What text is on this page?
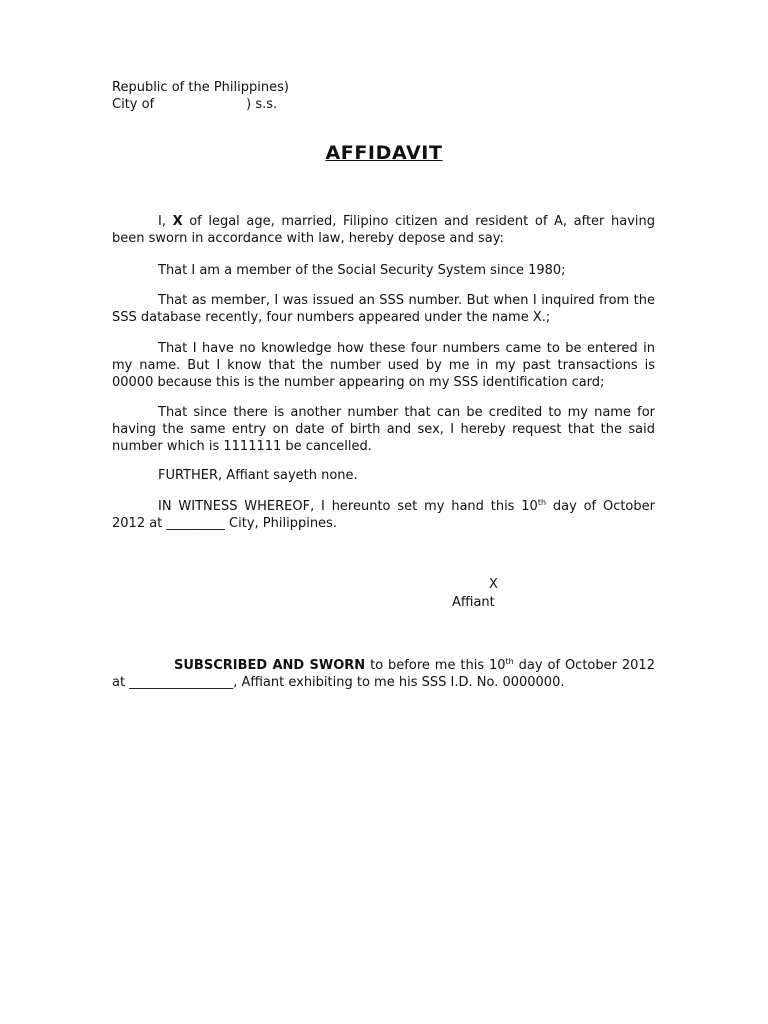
Republic of the Philippines)
City of	) s.s.
AFFIDAVIT

I, X of legal age, married, Filipino citizen and resident of A, after having been sworn in accordance with law, hereby depose and say:

That I am a member of the Social Security System since 1980;

That as member, I was issued an SSS number. But when I inquired from the SSS database recently, four numbers appeared under the name X.;

That I have no knowledge how these four numbers came to be entered in my name. But I know that the number used by me in my past transactions is 00000 because this is the number appearing on my SSS identification card;

That since there is another number that can be credited to my name for having the same entry on date of birth and sex, I hereby request that the said number which is 1111111 be cancelled.

FURTHER, Affiant sayeth none.

IN WITNESS WHEREOF, I hereunto set my hand this 10th day of October 2012 at _________ City, Philippines.

X
Affiant

SUBSCRIBED AND SWORN to before me this 10th day of October 2012 at ________________, Affiant exhibiting to me his SSS I.D. No. 0000000.
